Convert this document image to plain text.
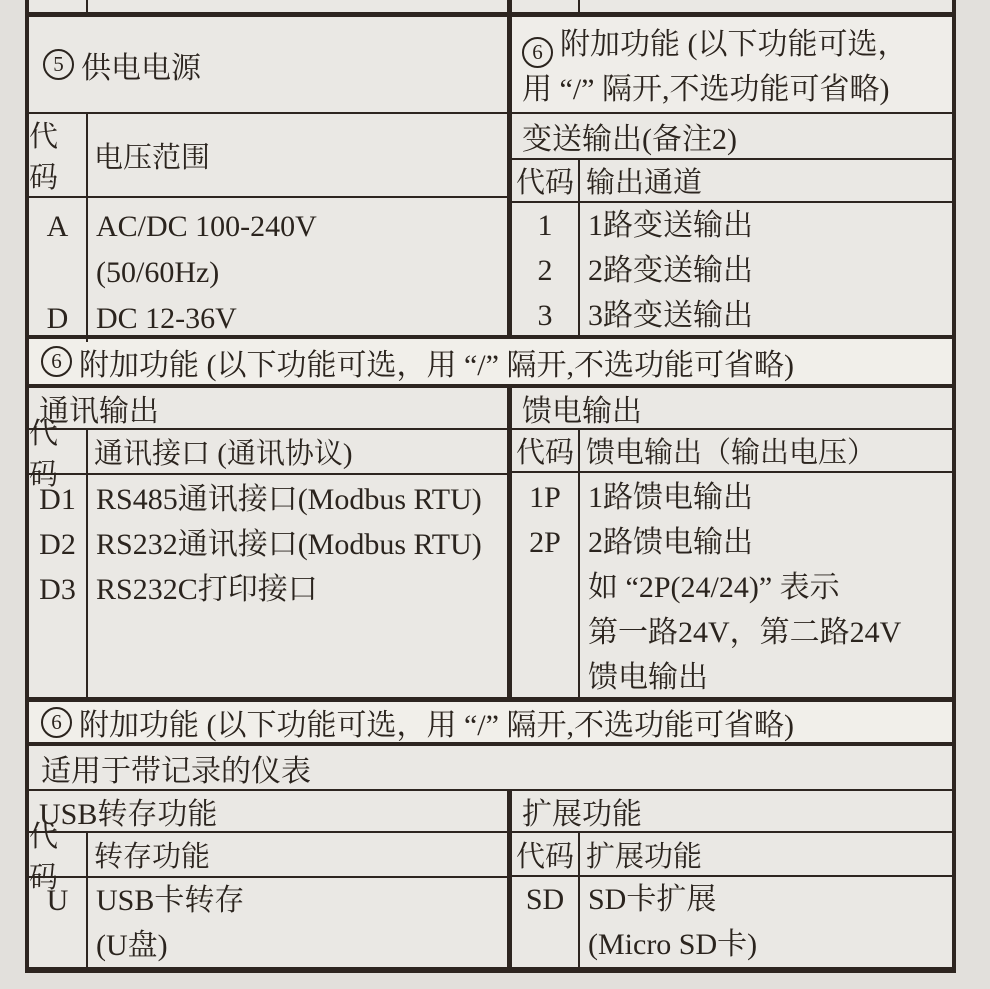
5 供电电源	6 附加功能 (以下功能可选，
用 “/” 隔开,不选功能可省略)
代码
电压范围
A
D
AC/DC 100-240V
(50/60Hz)
DC 12-36V
变送输出(备注2)
代码 输出通道
1
2
3
1路变送输出
2路变送输出
3路变送输出
6 附加功能 (以下功能可选，用 “/” 隔开,不选功能可省略)
通讯输出
代码
通讯接口 (通讯协议)
D1
D2
D3
RS485通讯接口(Modbus RTU)
RS232通讯接口(Modbus RTU)
RS232C打印接口
馈电输出
代码 馈电输出（输出电压）
1P
2P
1路馈电输出
2路馈电输出
如 “2P(24/24)” 表示
第一路24V，第二路24V
馈电输出
6 附加功能 (以下功能可选，用 “/” 隔开,不选功能可省略)
适用于带记录的仪表
USB转存功能
代码
转存功能
U USB卡转存
(U盘)
扩展功能
代码 扩展功能
SD SD卡扩展
(Micro SD卡)
